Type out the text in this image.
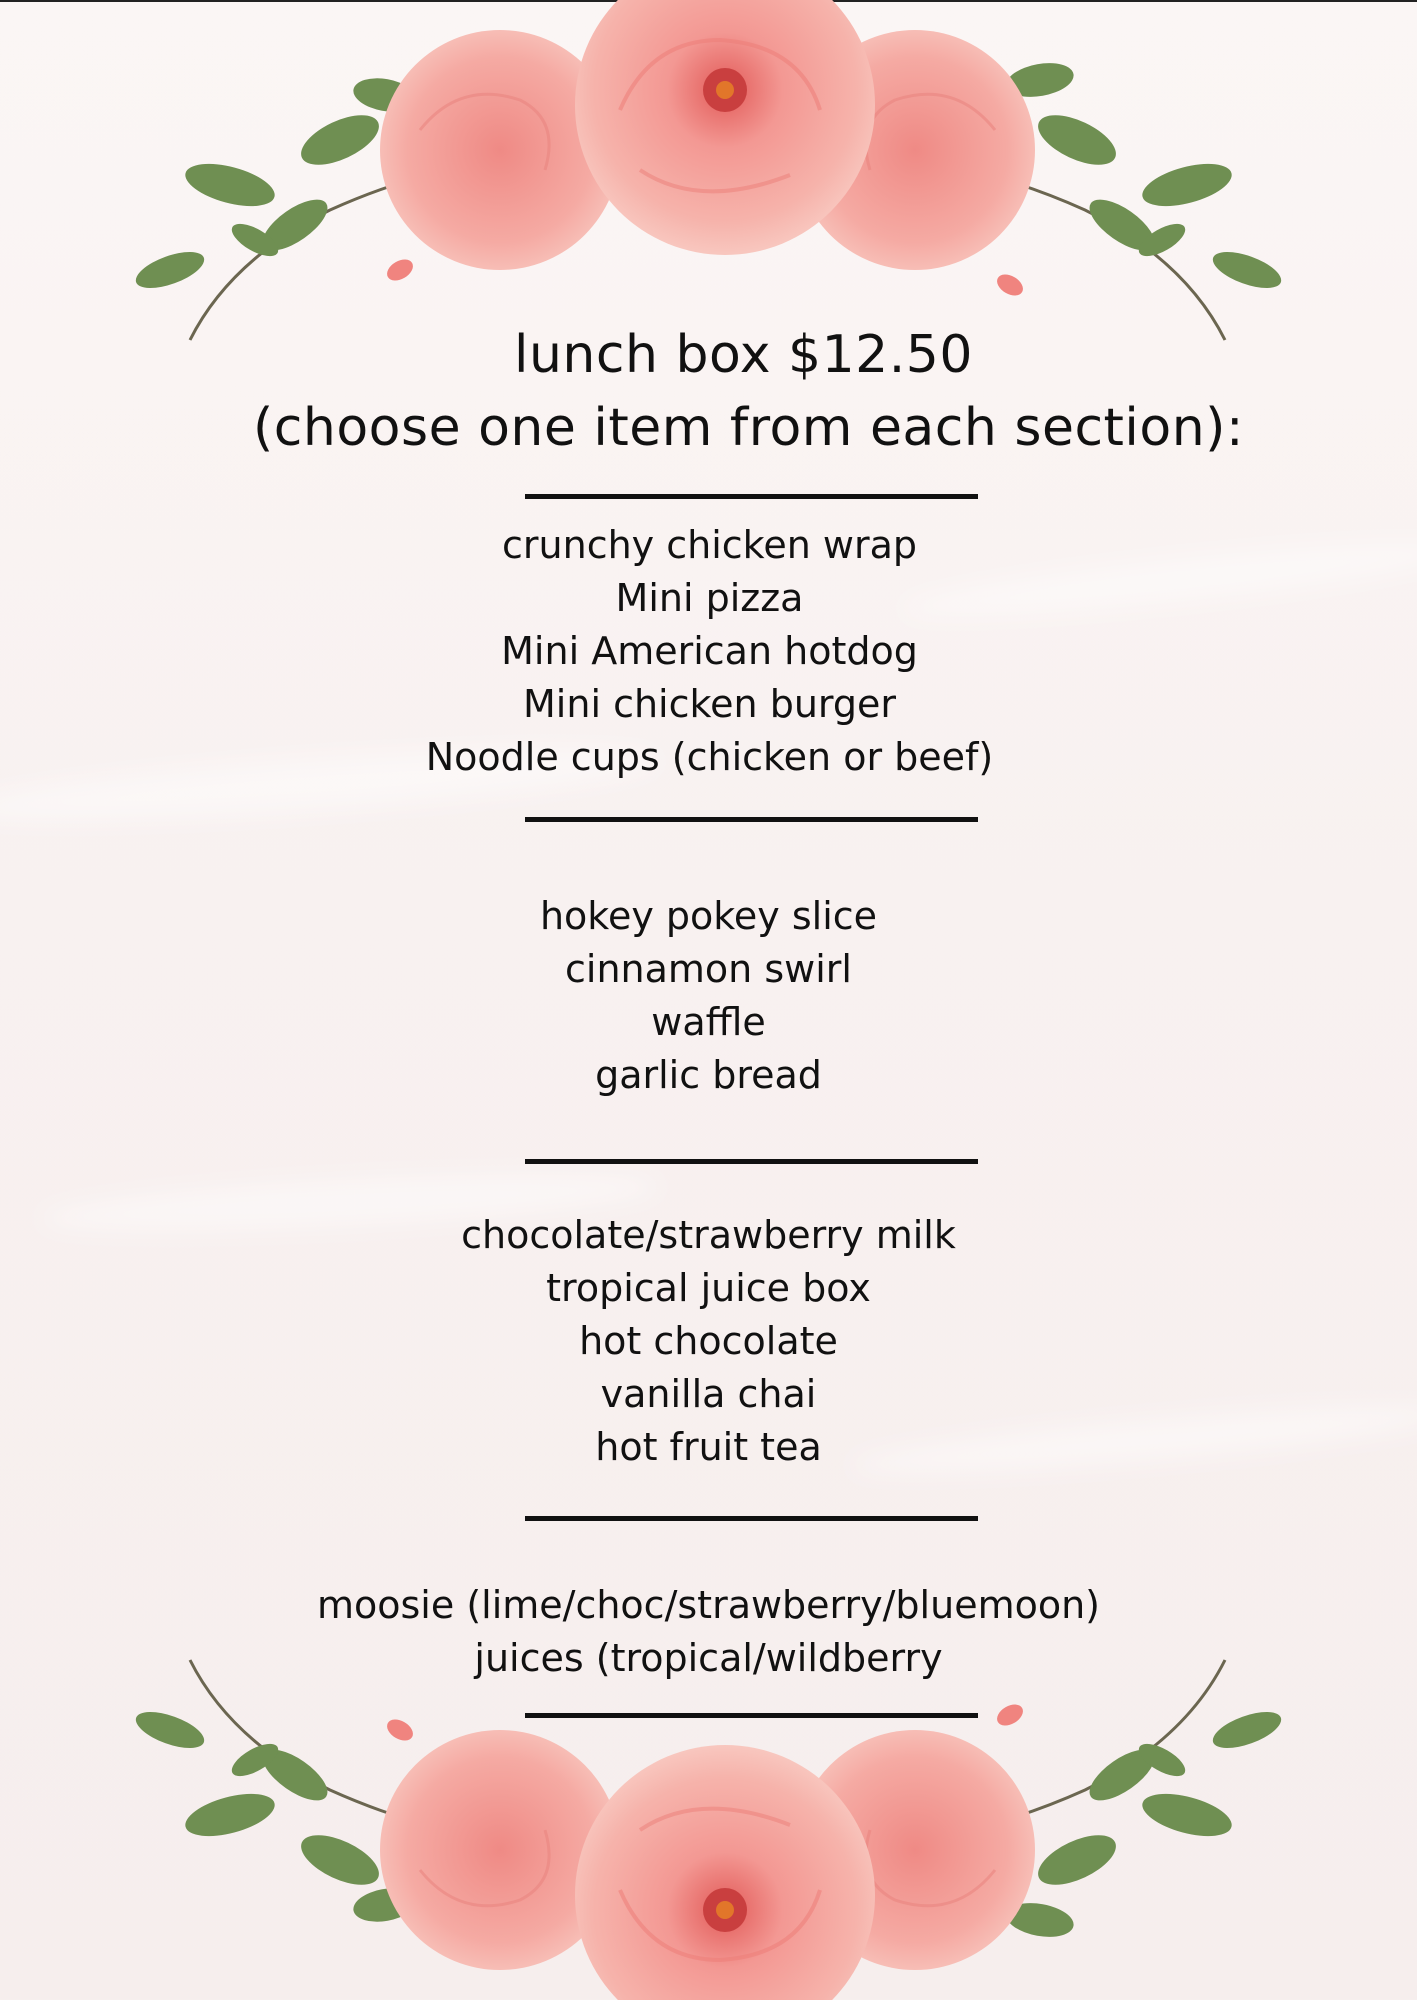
lunch box $12.50
(choose one item from each section):
crunchy chicken wrap
Mini pizza
Mini American hotdog
Mini chicken burger
Noodle cups (chicken or beef)
hokey pokey slice
cinnamon swirl
waffle
garlic bread
chocolate/strawberry milk
tropical juice box
hot chocolate
vanilla chai
hot fruit tea
moosie (lime/choc/strawberry/bluemoon)
juices (tropical/wildberry
